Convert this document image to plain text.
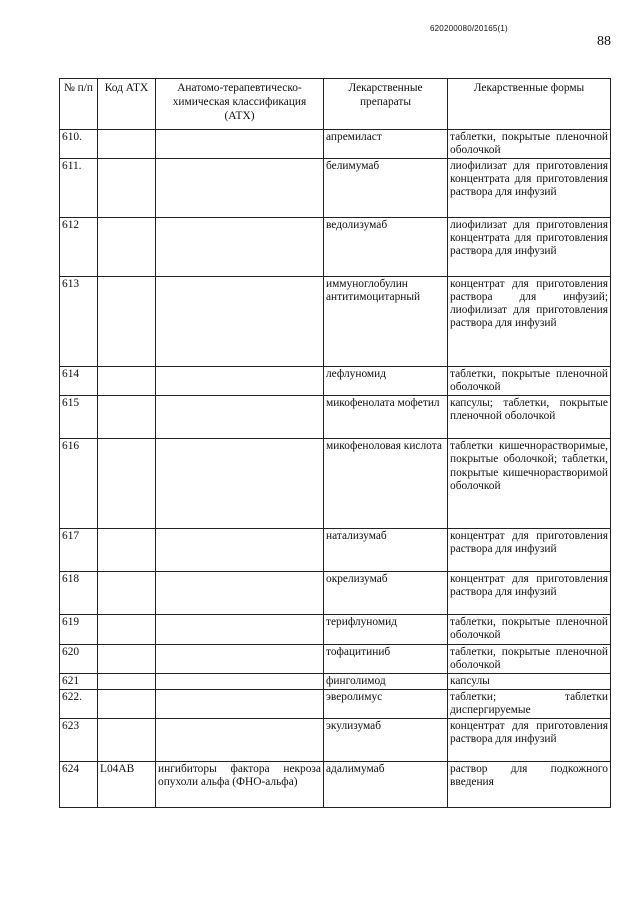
620200080/20165(1)
88
№ п/п	Код АТХ	Анатомо-терапевтическо-химическая классификация (АТХ)	Лекарственные препараты	Лекарственные формы
610.			апремиласт	таблетки, покрытые пленочной оболочкой
611.			белимумаб	лиофилизат для приготовления концентрата для приготовления раствора для инфузий
612			ведолизумаб	лиофилизат для приготовления концентрата для приготовления раствора для инфузий
613			иммуноглобулин антитимоцитарный	концентрат для приготовления раствора для инфузий; лиофилизат для приготовления раствора для инфузий
614			лефлуномид	таблетки, покрытые пленочной оболочкой
615			микофенолата мофетил	капсулы; таблетки, покрытые пленочной оболочкой
616			микофеноловая кислота	таблетки кишечнорастворимые, покрытые оболочкой; таблетки, покрытые кишечнорастворимой оболочкой
617			натализумаб	концентрат для приготовления раствора для инфузий
618			окрелизумаб	концентрат для приготовления раствора для инфузий
619			терифлуномид	таблетки, покрытые пленочной оболочкой
620			тофацитиниб	таблетки, покрытые пленочной оболочкой
621			финголимод	капсулы
622.			эверолимус	таблетки; таблетки диспергируемые
623			экулизумаб	концентрат для приготовления раствора для инфузий
624	L04AB	ингибиторы фактора некроза опухоли альфа (ФНО-альфа)	адалимумаб	раствор для подкожного введения
